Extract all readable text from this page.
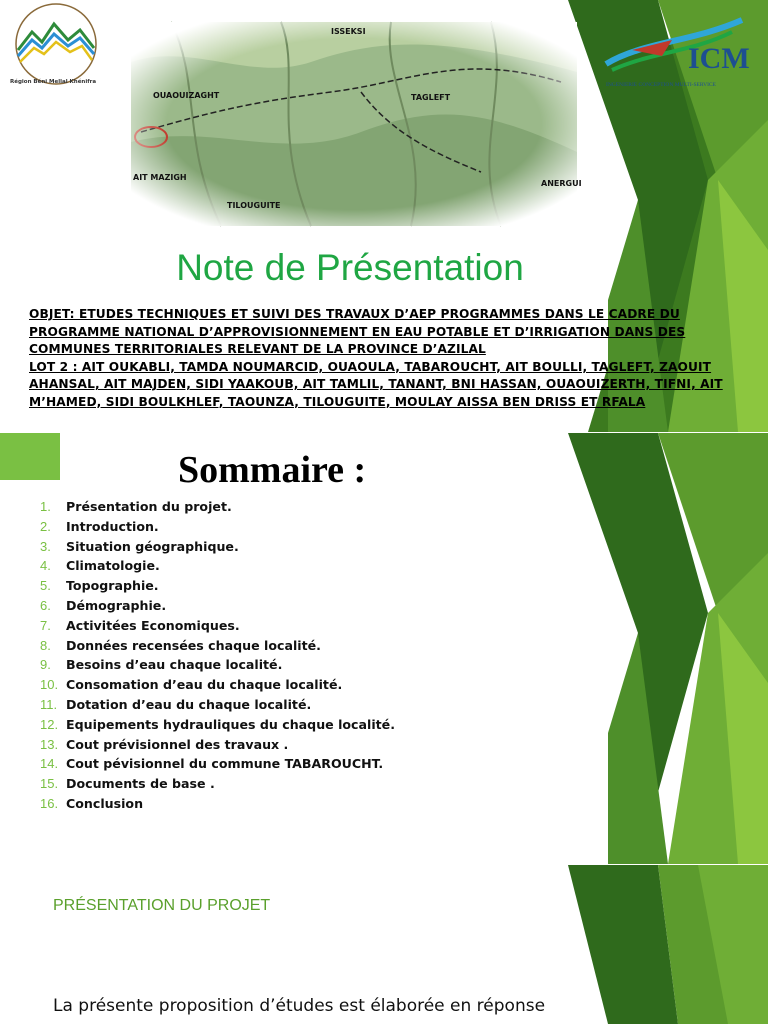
Région Béni Mellal Khénifra
ISSEKSI
OUAOUIZAGHT	TAGLEFT
AIT MAZIGH
TILOUGUITE
ANERGUI
ICM
INGENIERIE CONCEPTION MULTI-SERVICE
Note de Présentation

OBJET: ETUDES TECHNIQUES ET SUIVI DES TRAVAUX D’AEP PROGRAMMES DANS LE CADRE DU PROGRAMME NATIONAL D’APPROVISIONNEMENT EN EAU POTABLE ET D’IRRIGATION DANS DES COMMUNES TERRITORIALES RELEVANT DE LA PROVINCE D’AZILAL

LOT 2 : AIT OUKABLI, TAMDA NOUMARCID, OUAOULA, TABAROUCHT, AIT BOULLI, TAGLEFT, ZAOUIT AHANSAL, AIT MAJDEN, SIDI YAAKOUB, AIT TAMLIL, TANANT, BNI HASSAN, OUAOUIZERTH, TIFNI, AIT M’HAMED, SIDI BOULKHLEF, TAOUNZA, TILOUGUITE, MOULAY AISSA BEN DRISS ET RFALA

Sommaire :
1. Présentation du projet.
2. Introduction.
3. Situation géographique.
4. Climatologie.
5. Topographie.
6. Démographie.
7. Activitées Economiques.
8. Données recensées chaque localité.
9. Besoins d’eau chaque localité.
10. Consomation d’eau du chaque localité.
11. Dotation d’eau du chaque localité.
12. Equipements hydrauliques du chaque localité.
13. Cout prévisionnel des travaux .
14. Cout pévisionnel du commune TABAROUCHT.
15. Documents de base .
16. Conclusion
PRÉSENTATION DU PROJET
La présente proposition d’études est élaborée en réponse
